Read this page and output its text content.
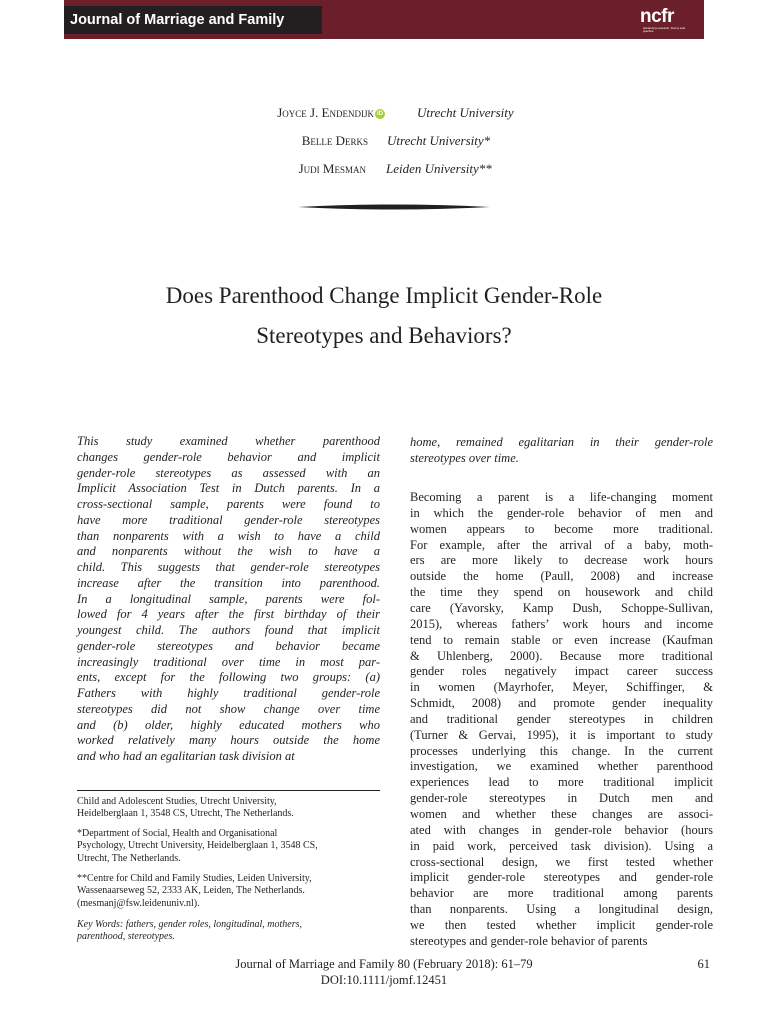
Journal of Marriage and Family	ncfr
advancing research, theory and practice
Joyce J. Endendijk iD	Utrecht University
Belle Derks Utrecht University*
Judi Mesman Leiden University**
Does Parenthood Change Implicit Gender-Role
Stereotypes and Behaviors?
This study examined whether parenthood
changes gender-role behavior and implicit
gender-role stereotypes as assessed with an
Implicit Association Test in Dutch parents. In a
cross-sectional sample, parents were found to
have more traditional gender-role stereotypes
than nonparents with a wish to have a child
and nonparents without the wish to have a
child. This suggests that gender-role stereotypes
increase after the transition into parenthood.
In a longitudinal sample, parents were fol-
lowed for 4 years after the first birthday of their
youngest child. The authors found that implicit
gender-role stereotypes and behavior became
increasingly traditional over time in most par-
ents, except for the following two groups: (a)
Fathers with highly traditional gender-role
stereotypes did not show change over time
and (b) older, highly educated mothers who
worked relatively many hours outside the home
and who had an egalitarian task division at
home, remained egalitarian in their gender-role
stereotypes over time.
Becoming a parent is a life-changing moment
in which the gender-role behavior of men and
women appears to become more traditional.
For example, after the arrival of a baby, moth-
ers are more likely to decrease work hours
outside the home (Paull, 2008) and increase
the time they spend on housework and child
care (Yavorsky, Kamp Dush, Schoppe-Sullivan,
2015), whereas fathers’ work hours and income
tend to remain stable or even increase (Kaufman
& Uhlenberg, 2000). Because more traditional
gender roles negatively impact career success
in women (Mayrhofer, Meyer, Schiffinger, &
Schmidt, 2008) and promote gender inequality
and traditional gender stereotypes in children
(Turner & Gervai, 1995), it is important to study
processes underlying this change. In the current
investigation, we examined whether parenthood
experiences lead to more traditional implicit
gender-role stereotypes in Dutch men and
women and whether these changes are associ-
ated with changes in gender-role behavior (hours
in paid work, perceived task division). Using a
cross-sectional design, we first tested whether
implicit gender-role stereotypes and gender-role
behavior are more traditional among parents
than nonparents. Using a longitudinal design,
we then tested whether implicit gender-role
stereotypes and gender-role behavior of parents
Child and Adolescent Studies, Utrecht University,
Heidelberglaan 1, 3548 CS, Utrecht, The Netherlands.
*Department of Social, Health and Organisational
Psychology, Utrecht University, Heidelberglaan 1, 3548 CS,
Utrecht, The Netherlands.
**Centre for Child and Family Studies, Leiden University,
Wassenaarseweg 52, 2333 AK, Leiden, The Netherlands.
(mesmanj@fsw.leidenuniv.nl).
Key Words: fathers, gender roles, longitudinal, mothers,
parenthood, stereotypes.
Journal of Marriage and Family 80 (February 2018): 61–79
DOI:10.1111/jomf.12451
61
